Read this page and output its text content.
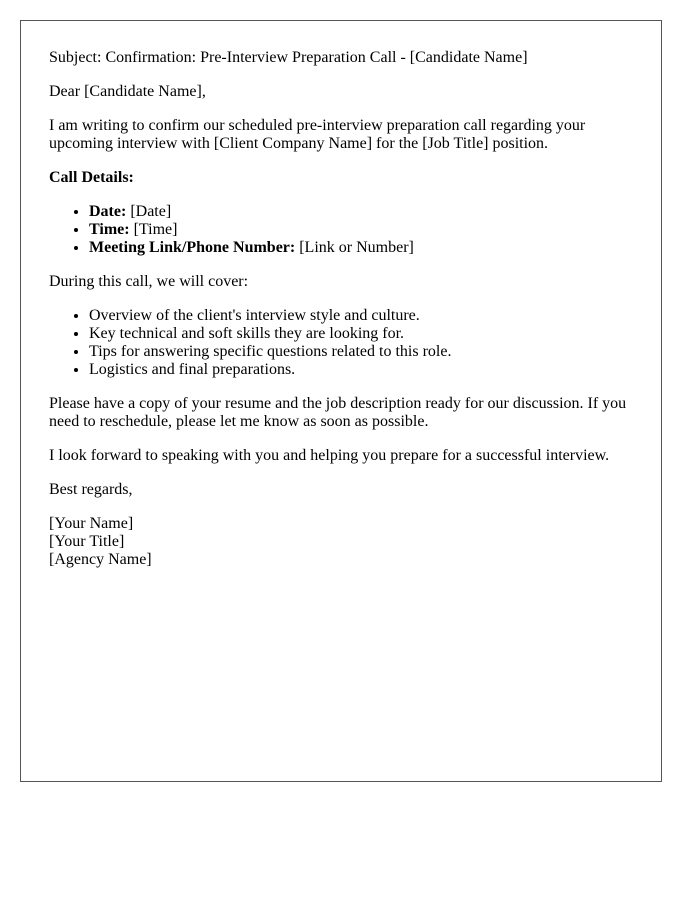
Subject: Confirmation: Pre-Interview Preparation Call - [Candidate Name]

Dear [Candidate Name],

I am writing to confirm our scheduled pre-interview preparation call regarding your upcoming interview with [Client Company Name] for the [Job Title] position.

Call Details:

• Date: [Date]
• Time: [Time]
• Meeting Link/Phone Number: [Link or Number]

During this call, we will cover:

• Overview of the client's interview style and culture.
• Key technical and soft skills they are looking for.
• Tips for answering specific questions related to this role.
• Logistics and final preparations.

Please have a copy of your resume and the job description ready for our discussion. If you need to reschedule, please let me know as soon as possible.

I look forward to speaking with you and helping you prepare for a successful interview.

Best regards,

[Your Name]

[Your Title]

[Agency Name]
